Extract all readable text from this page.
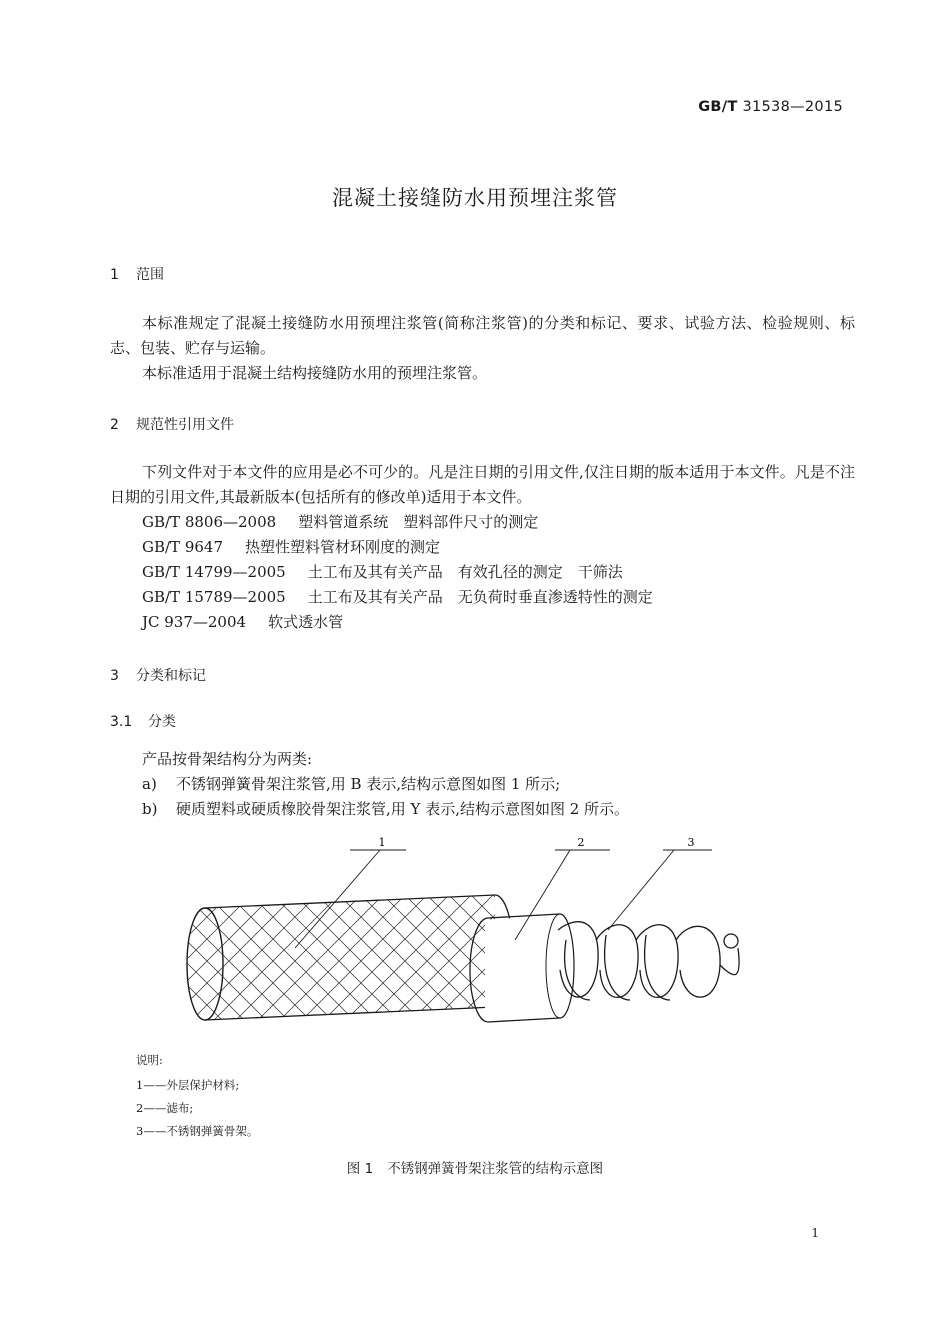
GB/T 31538—2015
混凝土接缝防水用预埋注浆管
1 范围

本标准规定了混凝土接缝防水用预埋注浆管(简称注浆管)的分类和标记、要求、试验方法、检验规则、标志、包装、贮存与运输。

本标准适用于混凝土结构接缝防水用的预埋注浆管。

2 规范性引用文件

下列文件对于本文件的应用是必不可少的。凡是注日期的引用文件,仅注日期的版本适用于本文件。凡是不注日期的引用文件,其最新版本(包括所有的修改单)适用于本文件。

GB/T 8806—2008 塑料管道系统　塑料部件尺寸的测定
GB/T 9647 热塑性塑料管材环刚度的测定
GB/T 14799—2005 土工布及其有关产品　有效孔径的测定　干筛法
GB/T 15789—2005 土工布及其有关产品　无负荷时垂直渗透特性的测定
JC 937—2004 软式透水管
3 分类和标记
3.1 分类
产品按骨架结构分为两类:
a) 不锈钢弹簧骨架注浆管,用 B 表示,结构示意图如图 1 所示;
b) 硬质塑料或硬质橡胶骨架注浆管,用 Y 表示,结构示意图如图 2 所示。
1	2	3
说明:
1——外层保护材料;
2——滤布;
3——不锈钢弹簧骨架。
图 1 不锈钢弹簧骨架注浆管的结构示意图
1
